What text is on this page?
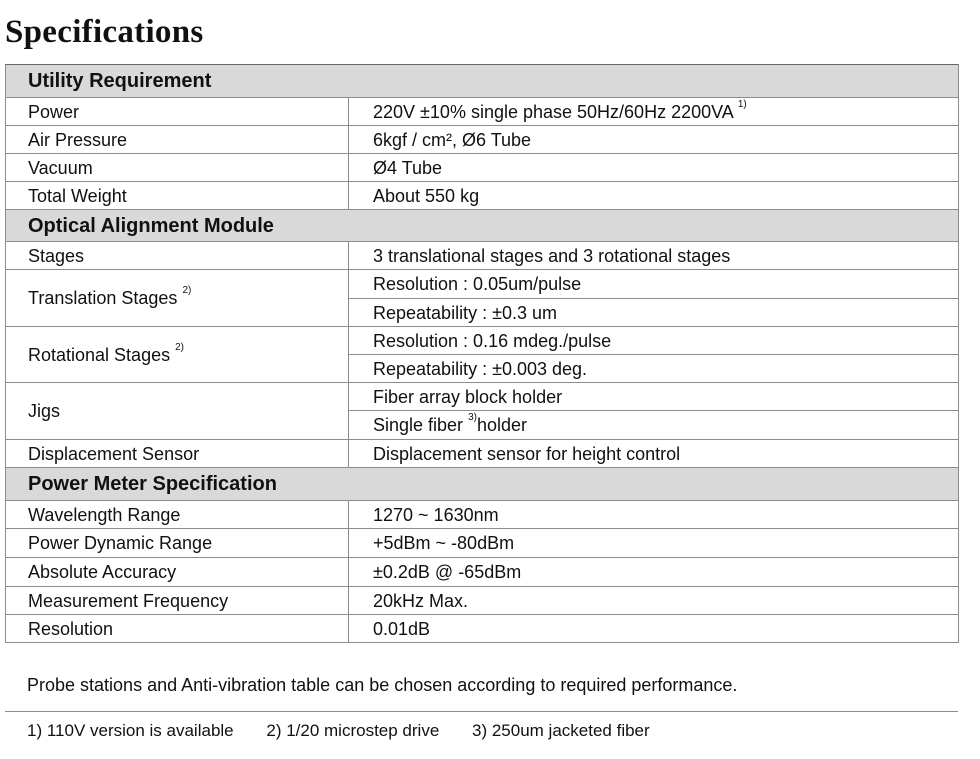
Specifications
Utility Requirement	
Power	220V ±10% single phase 50Hz/60Hz 2200VA $^{1)}$
Air Pressure	6kgf / cm², Ø6 Tube
Vacuum	Ø4 Tube
Total Weight	About 550 kg
Optical Alignment Module	
Stages	3 translational stages and 3 rotational stages
Translation Stages $^{2)}$	Resolution : 0.05um/pulse
	Repeatability : ±0.3 um
Rotational Stages $^{2)}$	Resolution : 0.16 mdeg./pulse
	Repeatability : ±0.003 deg.
Jigs	Fiber array block holder
	Single fiber $^{3)}$holder
Displacement Sensor	Displacement sensor for height control
Power Meter Specification	
Wavelength Range	1270 ~ 1630nm
Power Dynamic Range	+5dBm ~ -80dBm
Absolute Accuracy	±0.2dB @ -65dBm
Measurement Frequency	20kHz Max.
Resolution	0.01dB
Probe stations and Anti-vibration table can be chosen according to required performance.
1) 110V version is available 2) 1/20 microstep drive 3) 250um jacketed fiber
